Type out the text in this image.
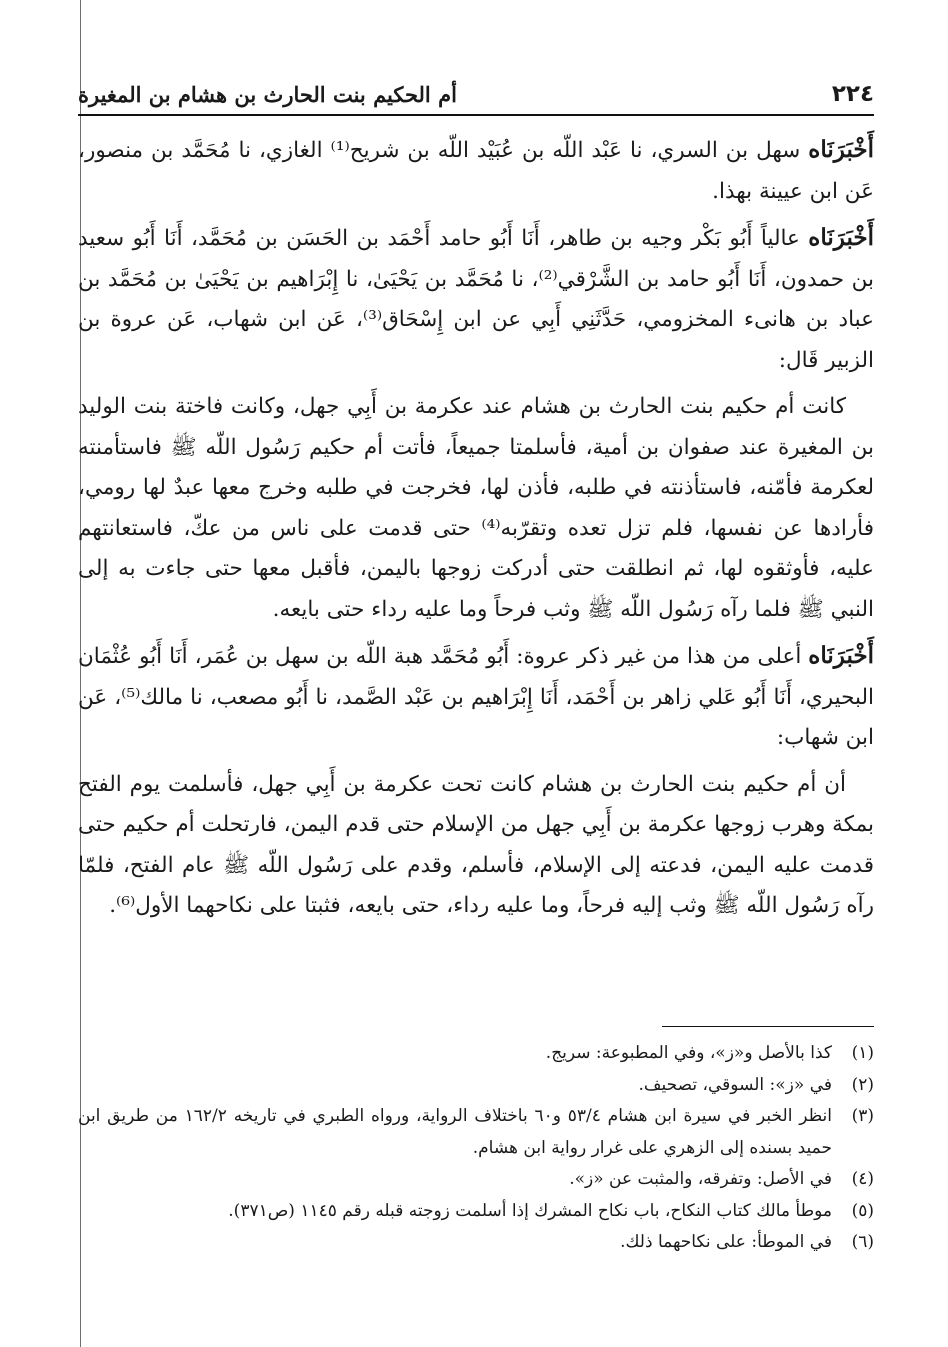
٢٢٤
أم الحكيم بنت الحارث بن هشام بن المغيرة

أَخْبَرَنَاه سهل بن السري، نا عَبْد اللّه بن عُبَيْد اللّه بن شريح⁽¹⁾ الغازي، نا مُحَمَّد بن منصور، عَن ابن عيينة بهذا.

أَخْبَرَنَاه عالياً أَبُو بَكْر وجيه بن طاهر، أَنَا أَبُو حامد أَحْمَد بن الحَسَن بن مُحَمَّد، أَنَا أَبُو سعيد بن حمدون، أَنَا أَبُو حامد بن الشَّرْقي⁽²⁾، نا مُحَمَّد بن يَحْيَىٰ، نا إِبْرَاهيم بن يَحْيَىٰ بن مُحَمَّد بن عباد بن هانىء المخزومي، حَدَّثَنِي أَبِي عن ابن إِسْحَاق⁽³⁾، عَن ابن شهاب، عَن عروة بن الزبير قَال:

كانت أم حكيم بنت الحارث بن هشام عند عكرمة بن أَبِي جهل، وكانت فاختة بنت الوليد بن المغيرة عند صفوان بن أمية، فأسلمتا جميعاً، فأتت أم حكيم رَسُول اللّه ﷺ فاستأمنته لعكرمة فأمّنه، فاستأذنته في طلبه، فأذن لها، فخرجت في طلبه وخرج معها عبدٌ لها رومي، فأرادها عن نفسها، فلم تزل تعده وتقرّبه⁽⁴⁾ حتى قدمت على ناس من عكّ، فاستعانتهم عليه، فأوثقوه لها، ثم انطلقت حتى أدركت زوجها باليمن، فأقبل معها حتى جاءت به إلى النبي ﷺ فلما رآه رَسُول اللّه ﷺ وثب فرحاً وما عليه رداء حتى بايعه.

أَخْبَرَنَاه أعلى من هذا من غير ذكر عروة: أَبُو مُحَمَّد هبة اللّه بن سهل بن عُمَر، أَنَا أَبُو عُثْمَان البحيري، أَنَا أَبُو عَلي زاهر بن أَحْمَد، أَنَا إِبْرَاهيم بن عَبْد الصَّمد، نا أَبُو مصعب، نا مالك⁽⁵⁾، عَن ابن شهاب:

أن أم حكيم بنت الحارث بن هشام كانت تحت عكرمة بن أَبِي جهل، فأسلمت يوم الفتح بمكة وهرب زوجها عكرمة بن أَبِي جهل من الإسلام حتى قدم اليمن، فارتحلت أم حكيم حتى قدمت عليه اليمن، فدعته إلى الإسلام، فأسلم، وقدم على رَسُول اللّه ﷺ عام الفتح، فلمّا رآه رَسُول اللّه ﷺ وثب إليه فرحاً، وما عليه رداء، حتى بايعه، فثبتا على نكاحهما الأول⁽⁶⁾.

(١)
كذا بالأصل و«ز»، وفي المطبوعة: سريج.
(٢)
في «ز»: السوقي، تصحيف.
(٣)
انظر الخبر في سيرة ابن هشام ٥٣/٤ و٦٠ باختلاف الرواية، ورواه الطبري في تاريخه ١٦٢/٢ من طريق ابن حميد بسنده إلى الزهري على غرار رواية ابن هشام.
(٤)
في الأصل: وتفرقه، والمثبت عن «ز».
(٥)
موطأ مالك كتاب النكاح، باب نكاح المشرك إذا أسلمت زوجته قبله رقم ١١٤٥ (ص٣٧١).
(٦)
في الموطأ: على نكاحهما ذلك.
